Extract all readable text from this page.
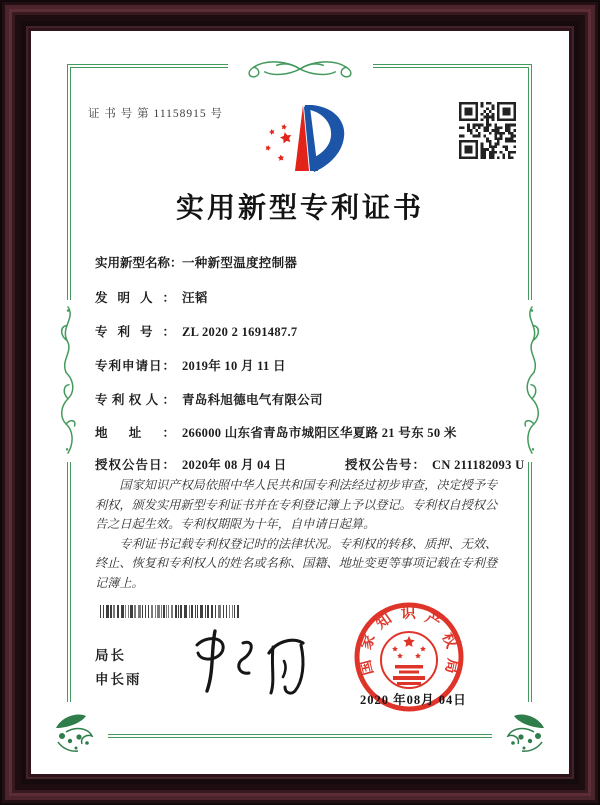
证 书 号 第 11158915 号
实用新型专利证书
实用新型名称：一种新型温度控制器
发明人： 汪韬
专利号： ZL 2020 2 1691487.7
专利申请日： 2019年 10 月 11 日
专利权人： 青岛科旭德电气有限公司
地址： 266000 山东省青岛市城阳区华夏路 21 号东 50 米
授权公告日： 2020年 08 月 04 日	授权公告号： CN 211182093 U

国家知识产权局依照中华人民共和国专利法经过初步审查，决定授予专利权，颁发实用新型专利证书并在专利登记簿上予以登记。专利权自授权公告之日起生效。专利权期限为十年，自申请日起算。

专利证书记载专利权登记时的法律状况。专利权的转移、质押、无效、终止、恢复和专利权人的姓名或名称、国籍、地址变更等事项记载在专利登记簿上。

局长
申长雨
国家知识产权局
2020 年08月 04日
